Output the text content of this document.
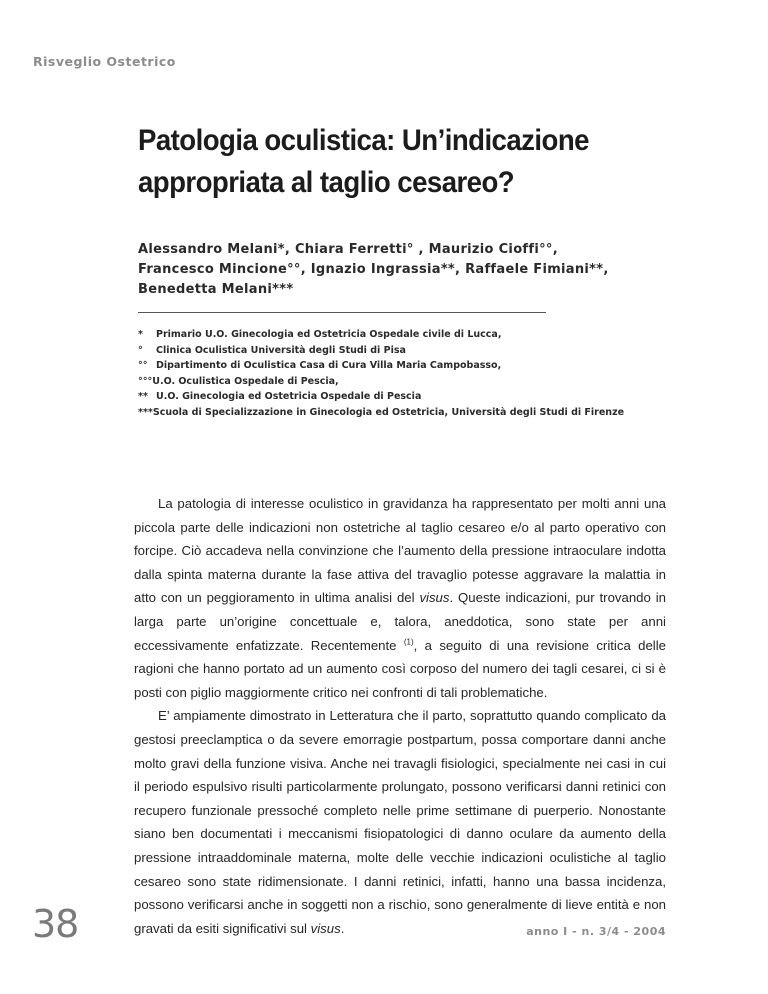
Risveglio Ostetrico
Patologia oculistica: Un’indicazione
appropriata al taglio cesareo?
Alessandro Melani*, Chiara Ferretti° , Maurizio Cioffi°°,
Francesco Mincione°°, Ignazio Ingrassia**, Raffaele Fimiani**,
Benedetta Melani***
*	Primario U.O. Ginecologia ed Ostetricia Ospedale civile di Lucca,
°	Clinica Oculistica Università degli Studi di Pisa
°° Dipartimento di Oculistica Casa di Cura Villa Maria Campobasso,
°°° U.O. Oculistica Ospedale di Pescia,
** U.O. Ginecologia ed Ostetricia Ospedale di Pescia
*** Scuola di Specializzazione in Ginecologia ed Ostetricia, Università degli Studi di Firenze

La patologia di interesse oculistico in gravidanza ha rappresentato per molti anni una piccola parte delle indicazioni non ostetriche al taglio cesareo e/o al parto operativo con forcipe. Ciò accadeva nella convinzione che l’aumento della pressione intraoculare indotta dalla spinta materna durante la fase attiva del travaglio potesse aggravare la malattia in atto con un peggioramento in ultima analisi del visus. Queste indicazioni, pur trovando in larga parte un’origine concettuale e, talora, aneddotica, sono state per anni eccessivamente enfatizzate. Recentemente $^{(1)}$, a seguito di una revisione critica delle ragioni che hanno portato ad un aumento così corposo del numero dei tagli cesarei, ci si è posti con piglio maggiormente critico nei confronti di tali problematiche.

E’ ampiamente dimostrato in Letteratura che il parto, soprattutto quando complicato da gestosi preeclamptica o da severe emorragie postpartum, possa comportare danni anche molto gravi della funzione visiva. Anche nei travagli fisiologici, specialmente nei casi in cui il periodo espulsivo risulti particolarmente prolungato, possono verificarsi danni retinici con recupero funzionale pressoché completo nelle prime settimane di puerperio. Nonostante siano ben documentati i meccanismi fisiopatologici di danno oculare da aumento della pressione intraaddominale materna, molte delle vecchie indicazioni oculistiche al taglio cesareo sono state ridimensionate. I danni retinici, infatti, hanno una bassa incidenza, possono verificarsi anche in soggetti non a rischio, sono generalmente di lieve entità e non gravati da esiti significativi sul visus.

38	anno I - n. 3/4 - 2004
